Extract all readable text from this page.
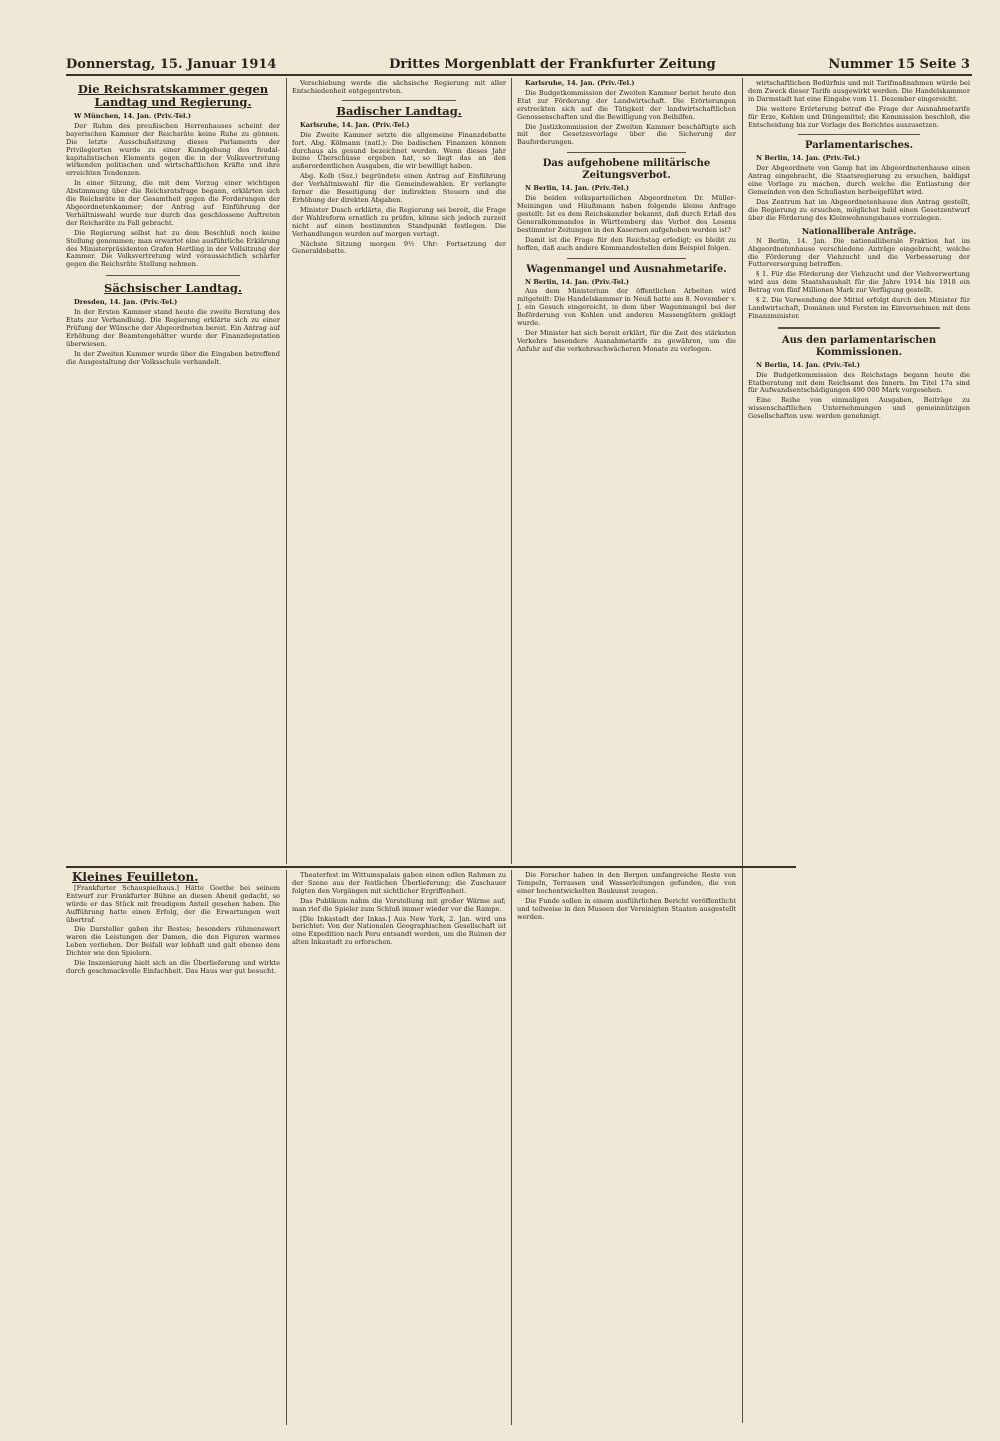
Donnerstag, 15. Januar 1914	Drittes Morgenblatt der Frankfurter Zeitung	Nummer 15 Seite 3
Die Reichsratskammer gegen Landtag und Regierung.

W München, 14. Jan. (Priv.-Tel.)

Der Ruhm des preußischen Herrenhauses scheint der bayerischen Kammer der Reichsräte keine Ruhe zu gönnen. Die letzte Ausschußsitzung dieses Parlaments der Privilegierten wurde zu einer Kundgebung des feudal-kapitalistischen Elements gegen die in der Volksvertretung wirkenden politischen und wirtschaftlichen Kräfte und ihre erreichten Tendenzen.

In einer Sitzung, die mit dem Vorzug einer wichtigen Abstimmung über die Reichsratsfrage begann, erklärten sich die Reichsräte in der Gesamtheit gegen die Forderungen der Abgeordnetenkammer; der Antrag auf Einführung der Verhältniswahl wurde nur durch das geschlossene Auftreten der Reichsräte zu Fall gebracht.

Die Regierung selbst hat zu dem Beschluß noch keine Stellung genommen; man erwartet eine ausführliche Erklärung des Ministerpräsidenten Grafen Hertling in der Vollsitzung der Kammer. Die Volksvertretung wird voraussichtlich schärfer gegen die Reichsräte Stellung nehmen.

Sächsischer Landtag.

Dresden, 14. Jan. (Priv.-Tel.)

In der Ersten Kammer stand heute die zweite Beratung des Etats zur Verhandlung. Die Regierung erklärte sich zu einer Prüfung der Wünsche der Abgeordneten bereit. Ein Antrag auf Erhöhung der Beamtengehälter wurde der Finanzdeputation überwiesen.

In der Zweiten Kammer wurde über die Eingaben betreffend die Ausgestaltung der Volksschule verhandelt.

Verschiebung werde die sächsische Regierung mit aller Entschiedenheit entgegentreten.

Badischer Landtag.

Karlsruhe, 14. Jan. (Priv.-Tel.)

Die Zweite Kammer setzte die allgemeine Finanzdebatte fort. Abg. Kölmann (natl.): Die badischen Finanzen können durchaus als gesund bezeichnet werden. Wenn dieses Jahr keine Überschüsse ergeben hat, so liegt das an den außerordentlichen Ausgaben, die wir bewilligt haben.

Abg. Kolb (Soz.) begründete einen Antrag auf Einführung der Verhältniswahl für die Gemeindewahlen. Er verlangte ferner die Beseitigung der indirekten Steuern und die Erhöhung der direkten Abgaben.

Minister Dusch erklärte, die Regierung sei bereit, die Frage der Wahlreform ernstlich zu prüfen, könne sich jedoch zurzeit nicht auf einen bestimmten Standpunkt festlegen. Die Verhandlungen wurden auf morgen vertagt.

Nächste Sitzung morgen 9½ Uhr: Fortsetzung der Generaldebatte.

Karlsruhe, 14. Jan. (Priv.-Tel.)

Die Budgetkommission der Zweiten Kammer beriet heute den Etat zur Förderung der Landwirtschaft. Die Erörterungen erstreckten sich auf die Tätigkeit der landwirtschaftlichen Genossenschaften und die Bewilligung von Beihilfen.

Die Justizkommission der Zweiten Kammer beschäftigte sich mit der Gesetzesvorlage über die Sicherung der Bauforderungen.

Das aufgehobene militärische Zeitungsverbot.

N Berlin, 14. Jan. (Priv.-Tel.)

Die beiden volksparteilichen Abgeordneten Dr. Müller-Meiningen und Häußmann haben folgende kleine Anfrage gestellt: Ist es dem Reichskanzler bekannt, daß durch Erlaß des Generalkommandos in Württemberg das Verbot des Lesens bestimmter Zeitungen in den Kasernen aufgehoben worden ist?

Damit ist die Frage für den Reichstag erledigt; es bleibt zu hoffen, daß auch andere Kommandostellen dem Beispiel folgen.

Wagenmangel und Ausnahmetarife.

N Berlin, 14. Jan. (Priv.-Tel.)

Aus dem Ministerium der öffentlichen Arbeiten wird mitgeteilt: Die Handelskammer in Neuß hatte am 8. November v. J. ein Gesuch eingereicht, in dem über Wagenmangel bei der Beförderung von Kohlen und anderen Massengütern geklagt wurde.

Der Minister hat sich bereit erklärt, für die Zeit des stärksten Verkehrs besondere Ausnahmetarife zu gewähren, um die Anfuhr auf die verkehrsschwächeren Monate zu verlegen.

wirtschaftlichen Bedürfnis und mit Tarifmaßnahmen würde bei dem Zweck dieser Tarife ausgewirkt werden. Die Handelskammer in Darmstadt hat eine Eingabe vom 11. Dezember eingereicht.

Die weitere Erörterung betraf die Frage der Ausnahmetarife für Erze, Kohlen und Düngemittel; die Kommission beschloß, die Entscheidung bis zur Vorlage des Berichtes auszusetzen.

Parlamentarisches.

N Berlin, 14. Jan. (Priv.-Tel.)

Der Abgeordnete von Gamp hat im Abgeordnetenhause einen Antrag eingebracht, die Staatsregierung zu ersuchen, baldigst eine Vorlage zu machen, durch welche die Entlastung der Gemeinden von den Schullasten herbeigeführt wird.

Das Zentrum hat im Abgeordnetenhause den Antrag gestellt, die Regierung zu ersuchen, möglichst bald einen Gesetzentwurf über die Förderung des Kleinwohnungsbaues vorzulegen.

Nationalliberale Anträge.

N Berlin, 14. Jan. Die nationalliberale Fraktion hat im Abgeordnetenhause verschiedene Anträge eingebracht, welche die Förderung der Viehzucht und die Verbesserung der Futterversorgung betreffen.

§ 1. Für die Förderung der Viehzucht und der Viehverwertung wird aus dem Staatshaushalt für die Jahre 1914 bis 1918 ein Betrag von fünf Millionen Mark zur Verfügung gestellt.

§ 2. Die Verwendung der Mittel erfolgt durch den Minister für Landwirtschaft, Domänen und Forsten im Einvernehmen mit dem Finanzminister.

Aus den parlamentarischen Kommissionen.

N Berlin, 14. Jan. (Priv.-Tel.)

Die Budgetkommission des Reichstags begann heute die Etatberatung mit dem Reichsamt des Innern. Im Titel 17a sind für Aufwandsentschädigungen 490 000 Mark vorgesehen.

Eine Reihe von einmaligen Ausgaben, Beiträge zu wissenschaftlichen Unternehmungen und gemeinnützigen Gesellschaften usw. werden genehmigt.

Kleines Feuilleton.

[Frankfurter Schauspielhaus.] Hätte Goethe bei seinem Entwurf zur Frankfurter Bühne an diesen Abend gedacht, so würde er das Stück mit freudigem Anteil gesehen haben. Die Aufführung hatte einen Erfolg, der die Erwartungen weit übertraf.

Die Darsteller gaben ihr Bestes; besonders rühmenswert waren die Leistungen der Damen, die den Figuren warmes Leben verliehen. Der Beifall war lebhaft und galt ebenso dem Dichter wie den Spielern.

Die Inszenierung hielt sich an die Überlieferung und wirkte durch geschmackvolle Einfachheit. Das Haus war gut besucht.

Theaterfest im Wittumspalais gaben einen edlen Rahmen zu der Szene aus der festlichen Überlieferung; die Zuschauer folgten den Vorgängen mit sichtlicher Ergriffenheit.

Das Publikum nahm die Vorstellung mit großer Wärme auf; man rief die Spieler zum Schluß immer wieder vor die Rampe.

[Die Inkastadt der Inkas.] Aus New York, 2. Jan. wird uns berichtet: Von der Nationalen Geographischen Gesellschaft ist eine Expedition nach Peru entsandt worden, um die Ruinen der alten Inkastadt zu erforschen.

Die Forscher haben in den Bergen umfangreiche Reste von Tempeln, Terrassen und Wasserleitungen gefunden, die von einer hochentwickelten Baukunst zeugen.

Die Funde sollen in einem ausführlichen Bericht veröffentlicht und teilweise in den Museen der Vereinigten Staaten ausgestellt werden.
